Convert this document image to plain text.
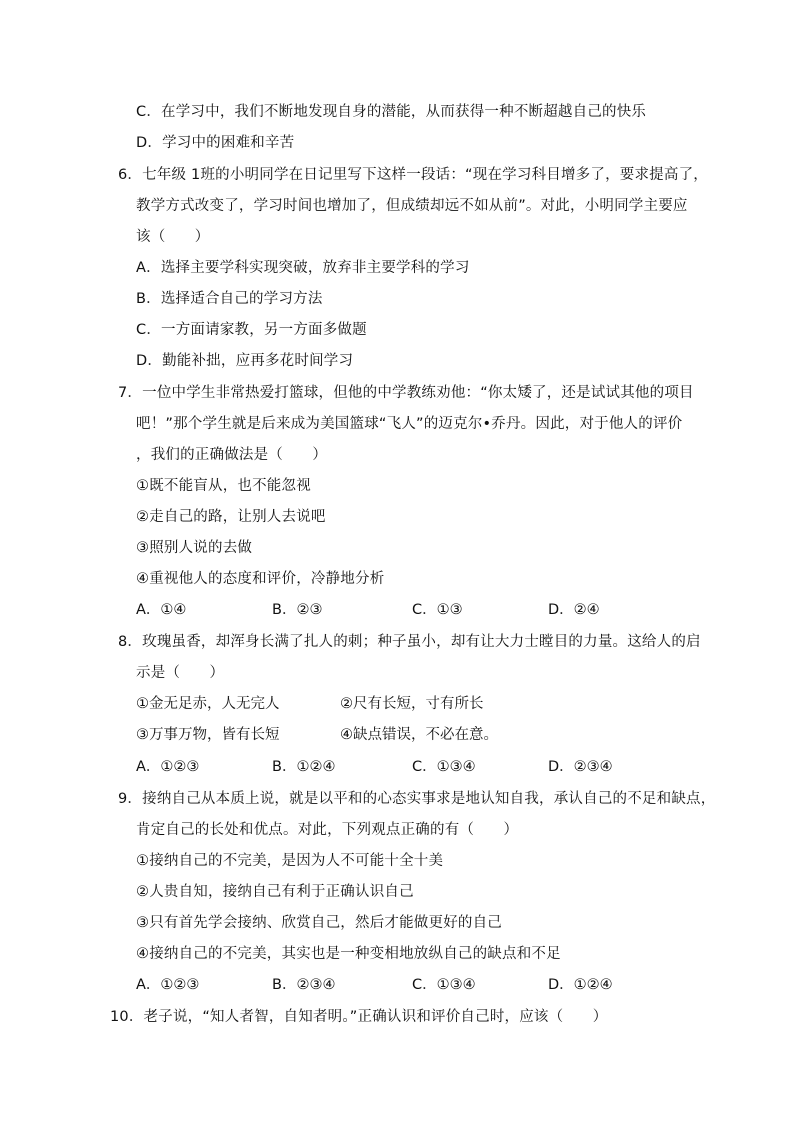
C．在学习中，我们不断地发现自身的潜能，从而获得一种不断超越自己的快乐
D．学习中的困难和辛苦
6．七年级 1班的小明同学在日记里写下这样一段话：“现在学习科目增多了，要求提高了，
教学方式改变了，学习时间也增加了，但成绩却远不如从前”。对此，小明同学主要应
该（　　）
A．选择主要学科实现突破，放弃非主要学科的学习
B．选择适合自己的学习方法
C．一方面请家教，另一方面多做题
D．勤能补拙，应再多花时间学习
7．一位中学生非常热爱打篮球，但他的中学教练劝他：“你太矮了，还是试试其他的项目
吧！”那个学生就是后来成为美国篮球“飞人”的迈克尔•乔丹。因此，对于他人的评价
，我们的正确做法是（　　）
①既不能盲从，也不能忽视
②走自己的路，让别人去说吧
③照别人说的去做
④重视他人的态度和评价，冷静地分析
A．①④	B．②③	C．①③	D．②④
8．玫瑰虽香，却浑身长满了扎人的刺；种子虽小，却有让大力士瞠目的力量。这给人的启
示是（　　）
①金无足赤，人无完人	②尺有长短，寸有所长
③万事万物，皆有长短	④缺点错误，不必在意。
A．①②③	B．①②④	C．①③④	D．②③④
9．接纳自己从本质上说，就是以平和的心态实事求是地认知自我，承认自己的不足和缺点，
肯定自己的长处和优点。对此，下列观点正确的有（　　）
①接纳自己的不完美，是因为人不可能十全十美
②人贵自知，接纳自己有利于正确认识自己
③只有首先学会接纳、欣赏自己，然后才能做更好的自己
④接纳自己的不完美，其实也是一种变相地放纵自己的缺点和不足
A．①②③	B．②③④	C．①③④	D．①②④
10．老子说，“知人者智，自知者明。”正确认识和评价自己时，应该（　　）
